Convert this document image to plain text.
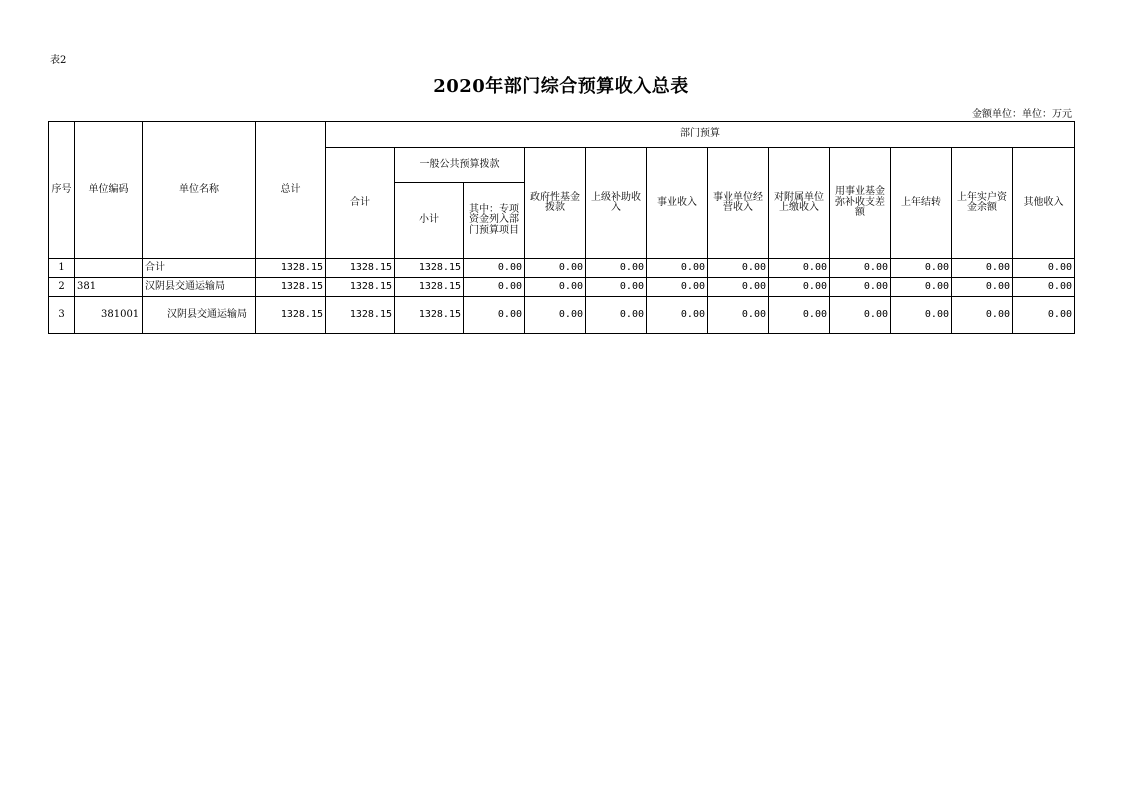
表2
2020年部门综合预算收入总表
金额单位：单位：万元
序号	单位编码	单位名称	总计	部门预算											
				合计	一般公共预算拨款		政府性基金拨款	上级补助收入	事业收入	事业单位经营收入	对附属单位上缴收入	用事业基金弥补收支差额	上年结转	上年实户资金余额	其他收入
					小计	其中：专项资金列入部门预算项目									
1		合计	1328.15	1328.15	1328.15	0.00	0.00	0.00	0.00	0.00	0.00	0.00	0.00	0.00	0.00
2	381	汉阴县交通运输局	1328.15	1328.15	1328.15	0.00	0.00	0.00	0.00	0.00	0.00	0.00	0.00	0.00	0.00
3	381001	汉阴县交通运输局	1328.15	1328.15	1328.15	0.00	0.00	0.00	0.00	0.00	0.00	0.00	0.00	0.00	0.00
